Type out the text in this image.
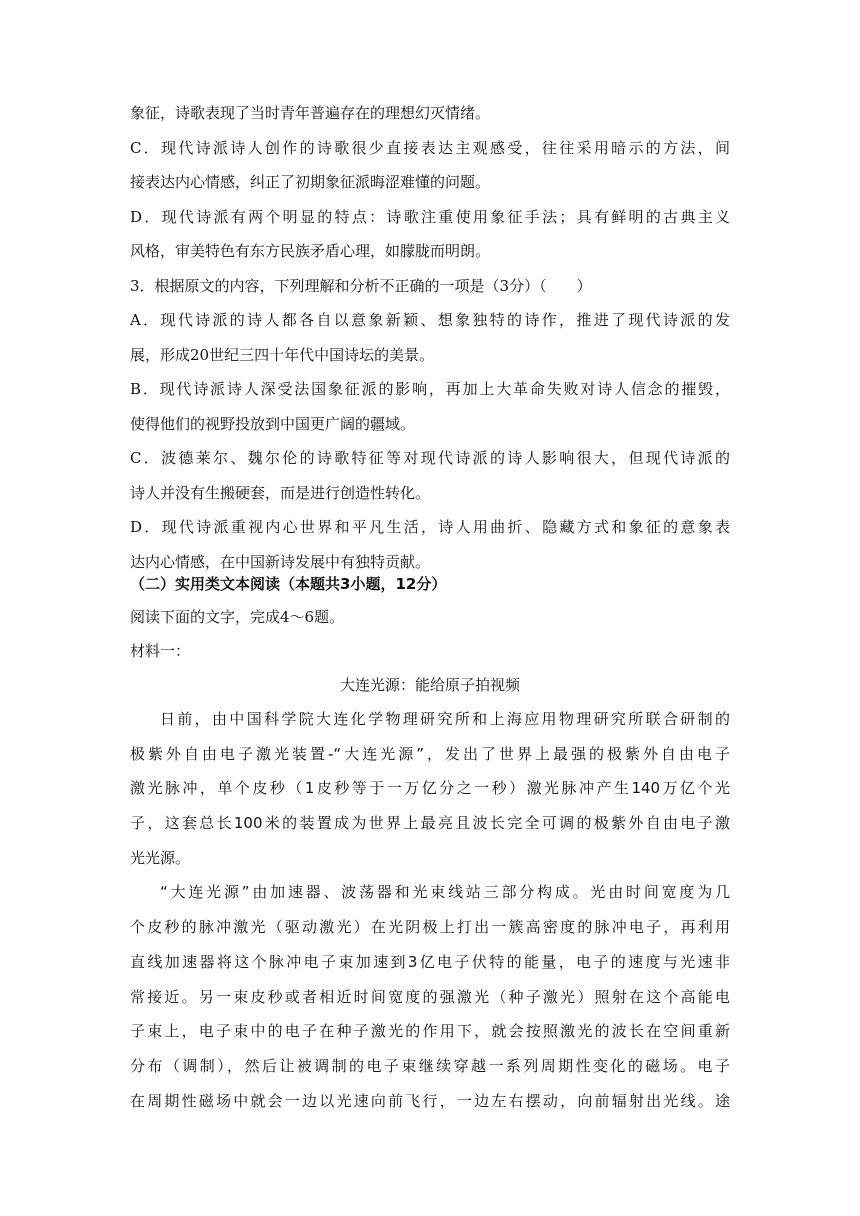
象征，诗歌表现了当时青年普遍存在的理想幻灭情绪。
C．现代诗派诗人创作的诗歌很少直接表达主观感受，往往采用暗示的方法，间
接表达内心情感，纠正了初期象征派晦涩难懂的问题。
D．现代诗派有两个明显的特点：诗歌注重使用象征手法；具有鲜明的古典主义
风格，审美特色有东方民族矛盾心理，如朦胧而明朗。
3．根据原文的内容，下列理解和分析不正确的一项是（3分）（　　）
A．现代诗派的诗人都各自以意象新颖、想象独特的诗作，推进了现代诗派的发
展，形成20世纪三四十年代中国诗坛的美景。
B．现代诗派诗人深受法国象征派的影响，再加上大革命失败对诗人信念的摧毁，
使得他们的视野投放到中国更广阔的疆域。
C．波德莱尔、魏尔伦的诗歌特征等对现代诗派的诗人影响很大，但现代诗派的
诗人并没有生搬硬套，而是进行创造性转化。
D．现代诗派重视内心世界和平凡生活，诗人用曲折、隐藏方式和象征的意象表
达内心情感，在中国新诗发展中有独特贡献。
（二）实用类文本阅读（本题共3小题，12分）
阅读下面的文字，完成4～6题。
材料一：
大连光源：能给原子拍视频
日前，由中国科学院大连化学物理研究所和上海应用物理研究所联合研制的
极紫外自由电子激光装置-“大连光源”，发出了世界上最强的极紫外自由电子
激光脉冲，单个皮秒（1皮秒等于一万亿分之一秒）激光脉冲产生140万亿个光
子，这套总长100米的装置成为世界上最亮且波长完全可调的极紫外自由电子激
光光源。
“大连光源”由加速器、波荡器和光束线站三部分构成。光由时间宽度为几
个皮秒的脉冲激光（驱动激光）在光阴极上打出一簇高密度的脉冲电子，再利用
直线加速器将这个脉冲电子束加速到3亿电子伏特的能量，电子的速度与光速非
常接近。另一束皮秒或者相近时间宽度的强激光（种子激光）照射在这个高能电
子束上，电子束中的电子在种子激光的作用下，就会按照激光的波长在空间重新
分布（调制），然后让被调制的电子束继续穿越一系列周期性变化的磁场。电子
在周期性磁场中就会一边以光速向前飞行，一边左右摆动，向前辐射出光线。途
